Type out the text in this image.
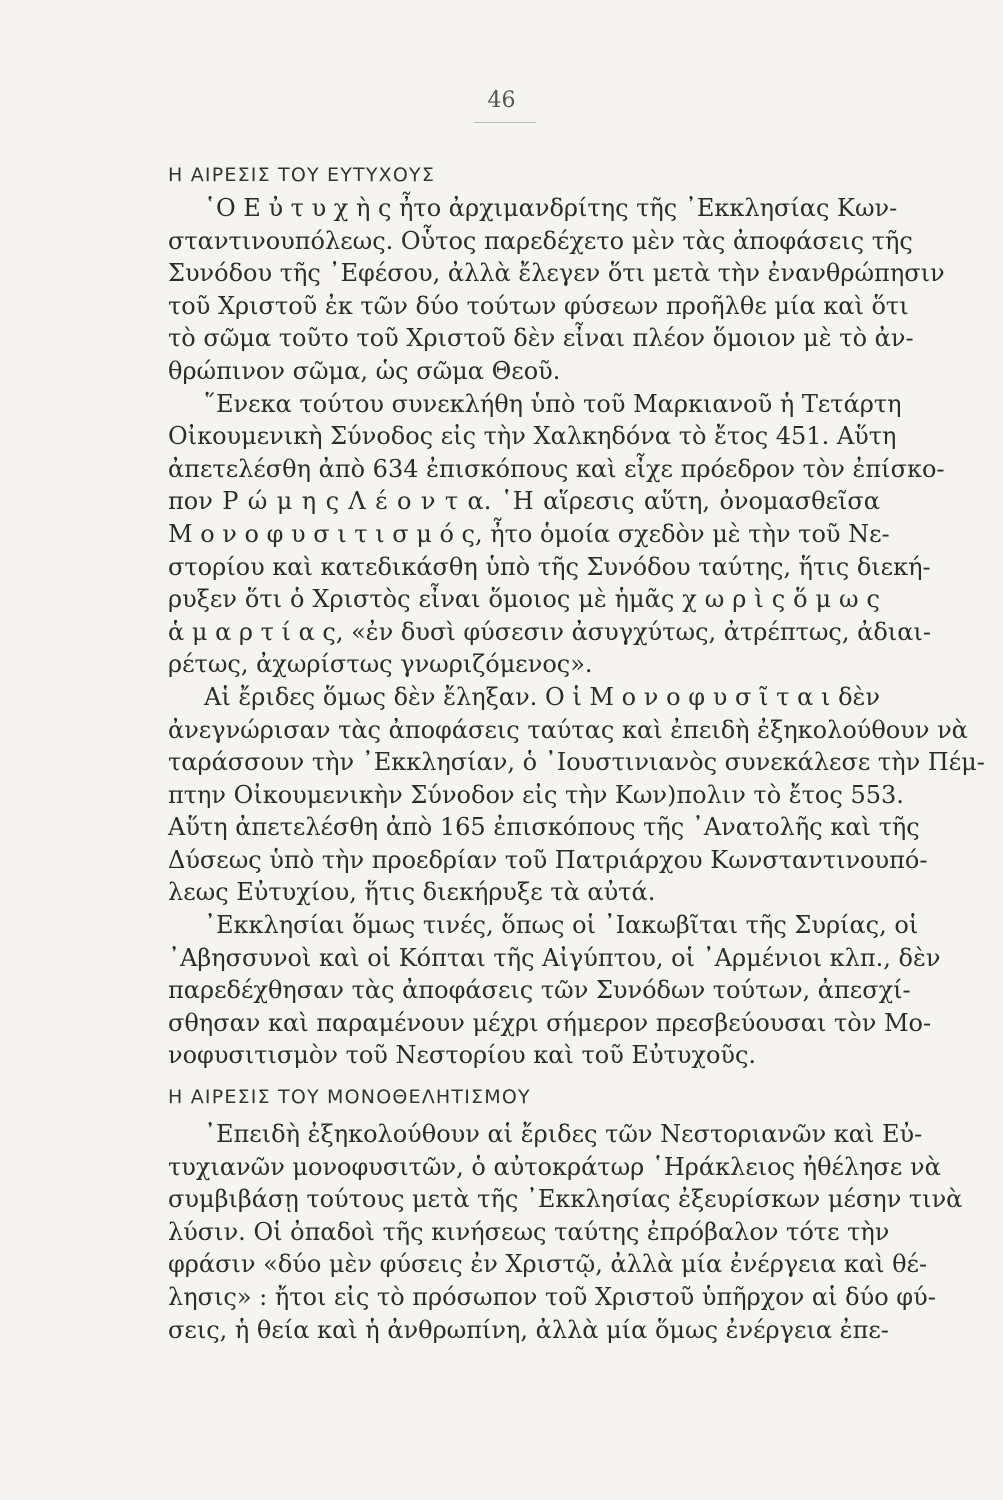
46
Η ΑΙΡΕΣΙΣ ΤΟΥ ΕΥΤΥΧΟΥΣ
῾Ο Ε ὐ τ υ χ ὴ ς ἦτο ἀρχιμανδρίτης τῆς ᾿Εκκλησίας Κων-
σταντινουπόλεως. Οὗτος παρεδέχετο μὲν τὰς ἀποφάσεις τῆς
Συνόδου τῆς ᾿Εφέσου, ἀλλὰ ἔλεγεν ὅτι μετὰ τὴν ἐνανθρώπησιν
τοῦ Χριστοῦ ἐκ τῶν δύο τούτων φύσεων προῆλθε μία καὶ ὅτι
τὸ σῶμα τοῦτο τοῦ Χριστοῦ δὲν εἶναι πλέον ὅμοιον μὲ τὸ ἀν-
θρώπινον σῶμα, ὡς σῶμα Θεοῦ.
῞Ενεκα τούτου συνεκλήθη ὑπὸ τοῦ Μαρκιανοῦ ἡ Τετάρτη
Οἰκουμενικὴ Σύνοδος εἰς τὴν Χαλκηδόνα τὸ ἔτος 451. Αὕτη
ἀπετελέσθη ἀπὸ 634 ἐπισκόπους καὶ εἶχε πρόεδρον τὸν ἐπίσκο-
πον Ρ ώ μ η ς Λ έ ο ν τ α. ῾Η αἵρεσις αὕτη, ὀνομασθεῖσα
Μ ο ν ο φ υ σ ι τ ι σ μ ό ς, ἦτο ὁμοία σχεδὸν μὲ τὴν τοῦ Νε-
στορίου καὶ κατεδικάσθη ὑπὸ τῆς Συνόδου ταύτης, ἥτις διεκή-
ρυξεν ὅτι ὁ Χριστὸς εἶναι ὅμοιος μὲ ἡμᾶς χ ω ρ ὶ ς ὅ μ ω ς
ἁ μ α ρ τ ί α ς, «ἐν δυσὶ φύσεσιν ἀσυγχύτως, ἀτρέπτως, ἀδιαι-
ρέτως, ἀχωρίστως γνωριζόμενος».
Αἱ ἔριδες ὅμως δὲν ἔληξαν. Ο ἱ Μ ο ν ο φ υ σ ῖ τ α ι δὲν
ἀνεγνώρισαν τὰς ἀποφάσεις ταύτας καὶ ἐπειδὴ ἐξηκολούθουν νὰ
ταράσσουν τὴν ᾿Εκκλησίαν, ὁ ᾿Ιουστινιανὸς συνεκάλεσε τὴν Πέμ-
πτην Οἰκουμενικὴν Σύνοδον εἰς τὴν Κων)πολιν τὸ ἔτος 553.
Αὕτη ἀπετελέσθη ἀπὸ 165 ἐπισκόπους τῆς ᾿Ανατολῆς καὶ τῆς
Δύσεως ὑπὸ τὴν προεδρίαν τοῦ Πατριάρχου Κωνσταντινουπό-
λεως Εὐτυχίου, ἥτις διεκήρυξε τὰ αὐτά.
᾿Εκκλησίαι ὅμως τινές, ὅπως οἱ ᾿Ιακωβῖται τῆς Συρίας, οἱ
᾿Αβησσυνοὶ καὶ οἱ Κόπται τῆς Αἰγύπτου, οἱ ᾿Αρμένιοι κλπ., δὲν
παρεδέχθησαν τὰς ἀποφάσεις τῶν Συνόδων τούτων, ἀπεσχί-
σθησαν καὶ παραμένουν μέχρι σήμερον πρεσβεύουσαι τὸν Μο-
νοφυσιτισμὸν τοῦ Νεστορίου καὶ τοῦ Εὐτυχοῦς.
Η ΑΙΡΕΣΙΣ ΤΟΥ ΜΟΝΟΘΕΛΗΤΙΣΜΟΥ
᾿Επειδὴ ἐξηκολούθουν αἱ ἔριδες τῶν Νεστοριανῶν καὶ Εὐ-
τυχιανῶν μονοφυσιτῶν, ὁ αὐτοκράτωρ ῾Ηράκλειος ἠθέλησε νὰ
συμβιβάσῃ τούτους μετὰ τῆς ᾿Εκκλησίας ἐξευρίσκων μέσην τινὰ
λύσιν. Οἱ ὀπαδοὶ τῆς κινήσεως ταύτης ἐπρόβαλον τότε τὴν
φράσιν «δύο μὲν φύσεις ἐν Χριστῷ, ἀλλὰ μία ἐνέργεια καὶ θέ-
λησις» : ἤτοι εἰς τὸ πρόσωπον τοῦ Χριστοῦ ὑπῆρχον αἱ δύο φύ-
σεις, ἡ θεία καὶ ἡ ἀνθρωπίνη, ἀλλὰ μία ὅμως ἐνέργεια ἐπε-
